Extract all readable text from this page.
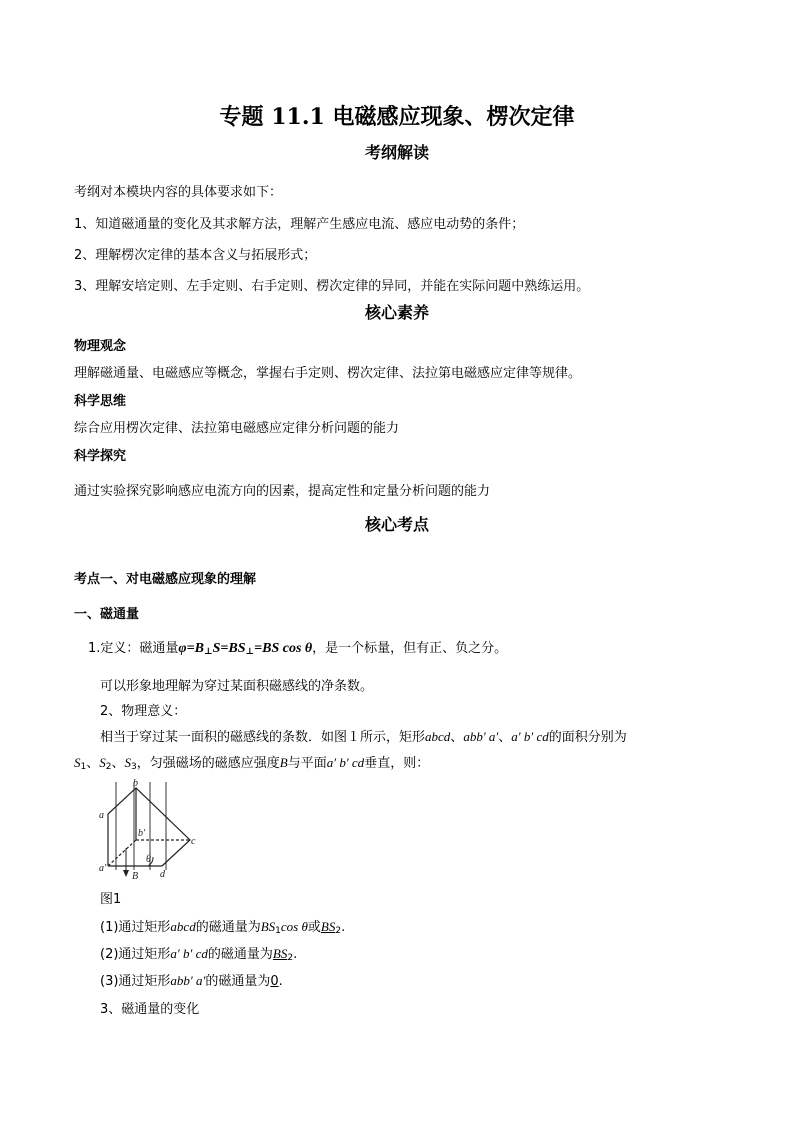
专题 11.1 电磁感应现象、楞次定律
考纲解读
考纲对本模块内容的具体要求如下：
1、知道磁通量的变化及其求解方法，理解产生感应电流、感应电动势的条件；
2、理解楞次定律的基本含义与拓展形式；
3、理解安培定则、左手定则、右手定则、楞次定律的异同，并能在实际问题中熟练运用。
核心素养
物理观念
理解磁通量、电磁感应等概念，掌握右手定则、楞次定律、法拉第电磁感应定律等规律。
科学思维
综合应用楞次定律、法拉第电磁感应定律分析问题的能力
科学探究
通过实验探究影响感应电流方向的因素，提高定性和定量分析问题的能力
核心考点
考点一、对电磁感应现象的理解
一、磁通量
1.定义：磁通量$\varphi=B_\perp S=BS_\perp=BS$ cos θ，是一个标量，但有正、负之分。
可以形象地理解为穿过某面积磁感线的净条数。
2、物理意义：
相当于穿过某一面积的磁感线的条数．如图１所示，矩形abcd、abb′ a′、a′ b′ cd的面积分别为
$S_1$、$S_2$、$S_3$，匀强磁场的磁感应强度B与平面a′ b′ cd垂直，则：
a
b
b′
c
a′
d
B
θ
图1
(1)通过矩形abcd的磁通量为$BS_1\cos$ θ或$BS_2$.
(2)通过矩形a′ b′ cd的磁通量为$BS_2$.
(3)通过矩形abb′ a′的磁通量为0.
3、磁通量的变化
